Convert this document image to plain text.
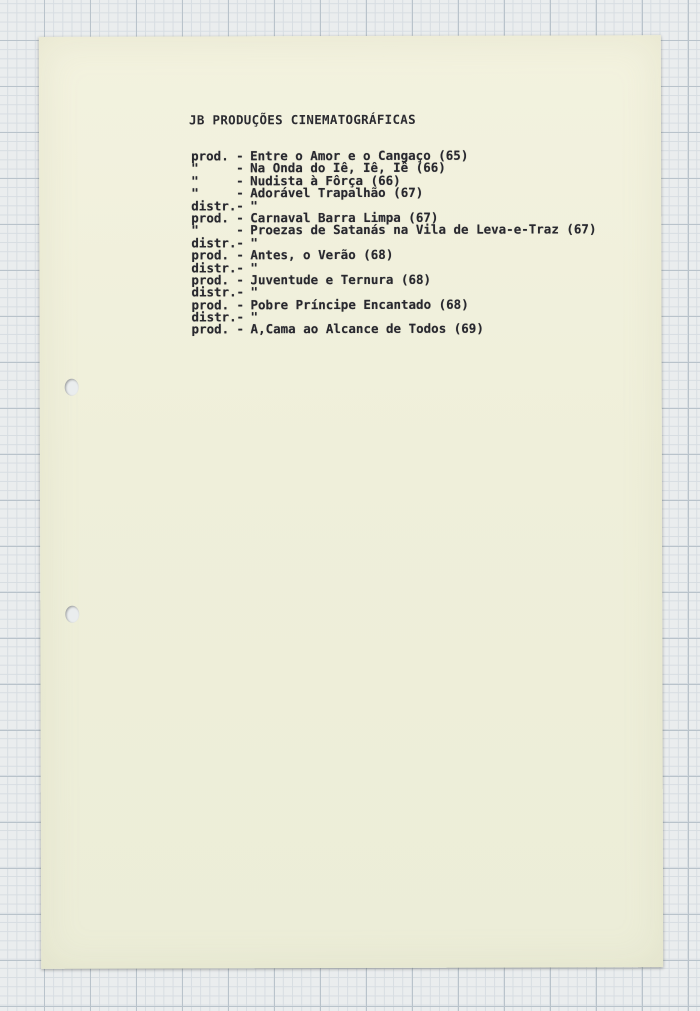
JB PRODUÇÕES CINEMATOGRÁFICAS
prod. - Entre o Amor e o Cangaço (65)
"	- Na Onda do Iê, Iê, Iê (66)
"	- Nudista à Fôrça (66)
"	- Adorável Trapalhão (67)
distr. - "
prod. - Carnaval Barra Limpa (67)
"	- Proezas de Satanás na Vila de Leva-e-Traz (67)
distr. - "
prod. - Antes, o Verão (68)
distr. - "
prod. - Juventude e Ternura (68)
distr. - "
prod. - Pobre Príncipe Encantado (68)
distr. - "
prod. - A,Cama ao Alcance de Todos (69)
